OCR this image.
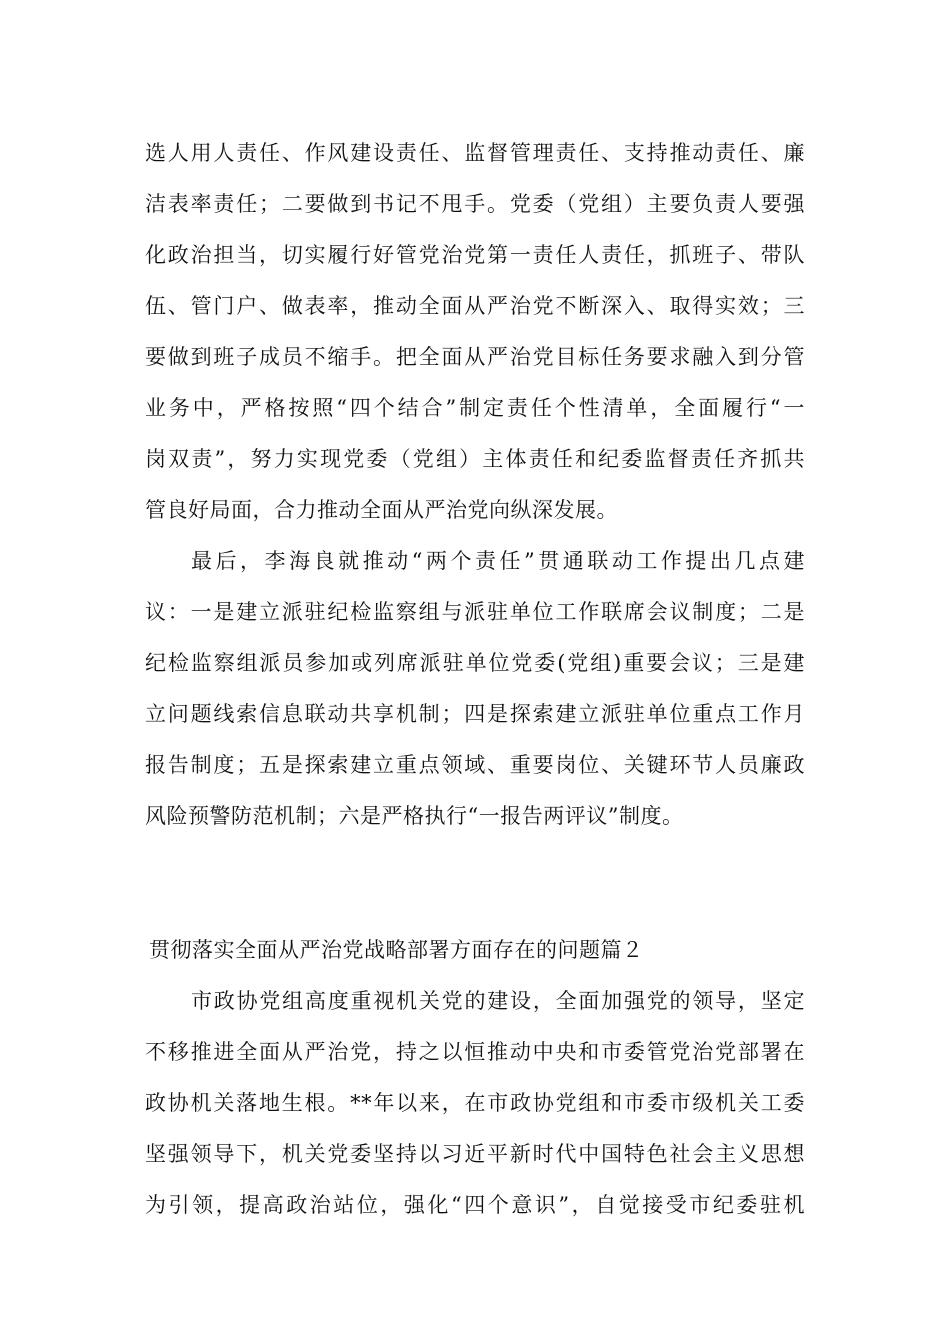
选人用人责任、作风建设责任、监督管理责任、支持推动责任、廉
洁表率责任；二要做到书记不甩手。党委（党组）主要负责人要强
化政治担当，切实履行好管党治党第一责任人责任，抓班子、带队
伍、管门户、做表率，推动全面从严治党不断深入、取得实效；三
要做到班子成员不缩手。把全面从严治党目标任务要求融入到分管
业务中，严格按照“四个结合”制定责任个性清单，全面履行“一
岗双责”，努力实现党委（党组）主体责任和纪委监督责任齐抓共
管良好局面，合力推动全面从严治党向纵深发展。
最后，李海良就推动“两个责任”贯通联动工作提出几点建
议：一是建立派驻纪检监察组与派驻单位工作联席会议制度；二是
纪检监察组派员参加或列席派驻单位党委(党组)重要会议；三是建
立问题线索信息联动共享机制；四是探索建立派驻单位重点工作月
报告制度；五是探索建立重点领域、重要岗位、关键环节人员廉政
风险预警防范机制；六是严格执行“一报告两评议”制度。
贯彻落实全面从严治党战略部署方面存在的问题篇２
市政协党组高度重视机关党的建设，全面加强党的领导，坚定
不移推进全面从严治党，持之以恒推动中央和市委管党治党部署在
政协机关落地生根。**年以来，在市政协党组和市委市级机关工委
坚强领导下，机关党委坚持以习近平新时代中国特色社会主义思想
为引领，提高政治站位，强化“四个意识”，自觉接受市纪委驻机
